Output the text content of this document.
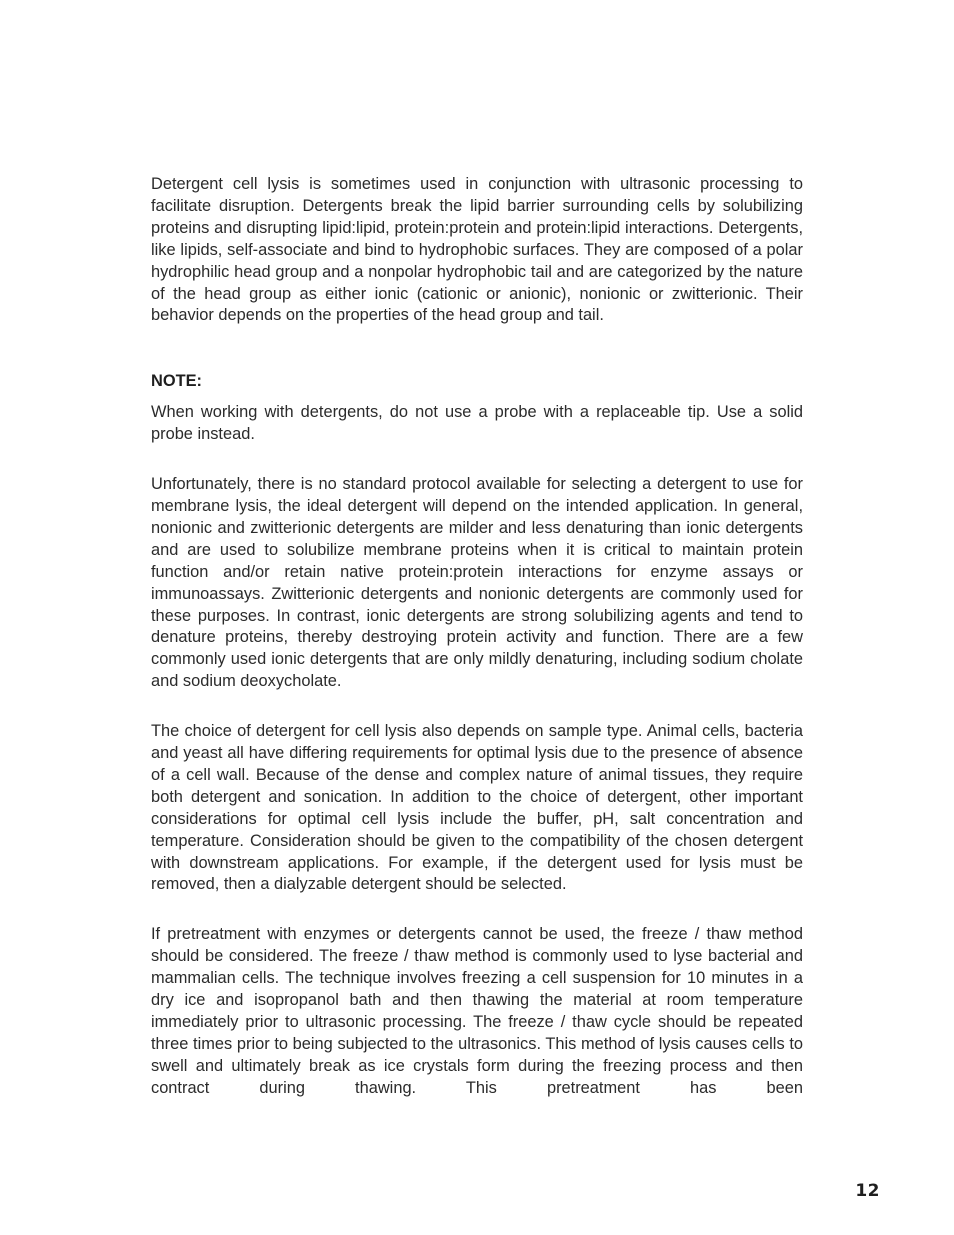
Detergent cell lysis is sometimes used in conjunction with ultrasonic processing to facilitate disruption. Detergents break the lipid barrier surrounding cells by solubilizing proteins and disrupting lipid:lipid, protein:protein and protein:lipid interactions. Detergents, like lipids, self-associate and bind to hydrophobic surfaces. They are composed of a polar hydrophilic head group and a nonpolar hydrophobic tail and are categorized by the nature of the head group as either ionic (cationic or anionic), nonionic or zwitterionic. Their behavior depends on the properties of the head group and tail.

NOTE:

When working with detergents, do not use a probe with a replaceable tip. Use a solid probe instead.

Unfortunately, there is no standard protocol available for selecting a detergent to use for membrane lysis, the ideal detergent will depend on the intended application. In general, nonionic and zwitterionic detergents are milder and less denaturing than ionic detergents and are used to solubilize membrane proteins when it is critical to maintain protein function and/or retain native protein:protein interactions for enzyme assays or immunoassays. Zwitterionic detergents and nonionic detergents are commonly used for these purposes. In contrast, ionic detergents are strong solubilizing agents and tend to denature proteins, thereby destroying protein activity and function. There are a few commonly used ionic detergents that are only mildly denaturing, including sodium cholate and sodium deoxycholate.

The choice of detergent for cell lysis also depends on sample type. Animal cells, bacteria and yeast all have differing requirements for optimal lysis due to the presence of absence of a cell wall. Because of the dense and complex nature of animal tissues, they require both detergent and sonication. In addition to the choice of detergent, other important considerations for optimal cell lysis include the buffer, pH, salt concentration and temperature. Consideration should be given to the compatibility of the chosen detergent with downstream applications. For example, if the detergent used for lysis must be removed, then a dialyzable detergent should be selected.

If pretreatment with enzymes or detergents cannot be used, the freeze / thaw method should be considered. The freeze / thaw method is commonly used to lyse bacterial and mammalian cells. The technique involves freezing a cell suspension for 10 minutes in a dry ice and isopropanol bath and then thawing the material at room temperature immediately prior to ultrasonic processing. The freeze / thaw cycle should be repeated three times prior to being subjected to the ultrasonics. This method of lysis causes cells to swell and ultimately break as ice crystals form during the freezing process and then contract during thawing. This pretreatment has been

12
